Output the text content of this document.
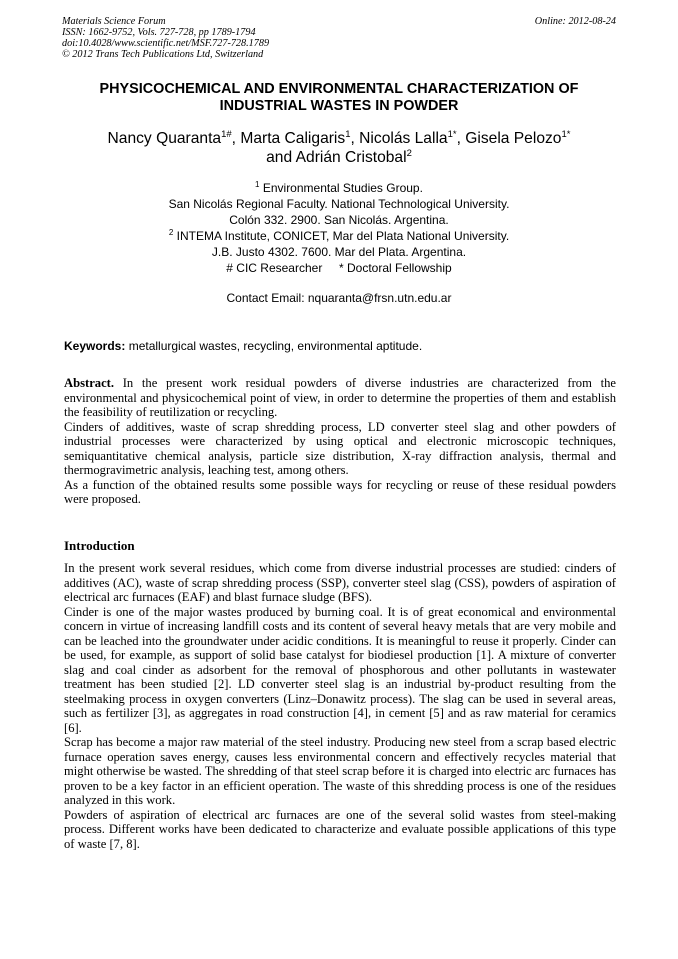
Materials Science Forum
ISSN: 1662-9752, Vols. 727-728, pp 1789-1794
doi:10.4028/www.scientific.net/MSF.727-728.1789
© 2012 Trans Tech Publications Ltd, Switzerland
Online: 2012-08-24
PHYSICOCHEMICAL AND ENVIRONMENTAL CHARACTERIZATION OF
INDUSTRIAL WASTES IN POWDER
Nancy Quaranta$^{1\#}$, Marta Caligaris$^1$, Nicolás Lalla$^{1*}$, Gisela Pelozo$^{1*}$
and Adrián Cristobal$^2$
$^1$ Environmental Studies Group.
San Nicolás Regional Faculty. National Technological University.
Colón 332. 2900. San Nicolás. Argentina.
$^2$ INTEMA Institute, CONICET, Mar del Plata National University.
J.B. Justo 4302. 7600. Mar del Plata. Argentina.
# CIC Researcher     * Doctoral Fellowship
Contact Email: nquaranta@frsn.utn.edu.ar
Keywords: metallurgical wastes, recycling, environmental aptitude.

Abstract. In the present work residual powders of diverse industries are characterized from the environmental and physicochemical point of view, in order to determine the properties of them and establish the feasibility of reutilization or recycling.

Cinders of additives, waste of scrap shredding process, LD converter steel slag and other powders of industrial processes were characterized by using optical and electronic microscopic techniques, semiquantitative chemical analysis, particle size distribution, X-ray diffraction analysis, thermal and thermogravimetric analysis, leaching test, among others.

As a function of the obtained results some possible ways for recycling or reuse of these residual powders were proposed.

Introduction

In the present work several residues, which come from diverse industrial processes are studied: cinders of additives (AC), waste of scrap shredding process (SSP), converter steel slag (CSS), powders of aspiration of electrical arc furnaces (EAF) and blast furnace sludge (BFS).

Cinder is one of the major wastes produced by burning coal. It is of great economical and environmental concern in virtue of increasing landfill costs and its content of several heavy metals that are very mobile and can be leached into the groundwater under acidic conditions. It is meaningful to reuse it properly. Cinder can be used, for example, as support of solid base catalyst for biodiesel production [1]. A mixture of converter slag and coal cinder as adsorbent for the removal of phosphorous and other pollutants in wastewater treatment has been studied [2]. LD converter steel slag is an industrial by-product resulting from the steelmaking process in oxygen converters (Linz–Donawitz process). The slag can be used in several areas, such as fertilizer [3], as aggregates in road construction [4], in cement [5] and as raw material for ceramics [6].

Scrap has become a major raw material of the steel industry. Producing new steel from a scrap based electric furnace operation saves energy, causes less environmental concern and effectively recycles material that might otherwise be wasted. The shredding of that steel scrap before it is charged into electric arc furnaces has proven to be a key factor in an efficient operation. The waste of this shredding process is one of the residues analyzed in this work.

Powders of aspiration of electrical arc furnaces are one of the several solid wastes from steel-making process. Different works have been dedicated to characterize and evaluate possible applications of this type of waste [7, 8].
